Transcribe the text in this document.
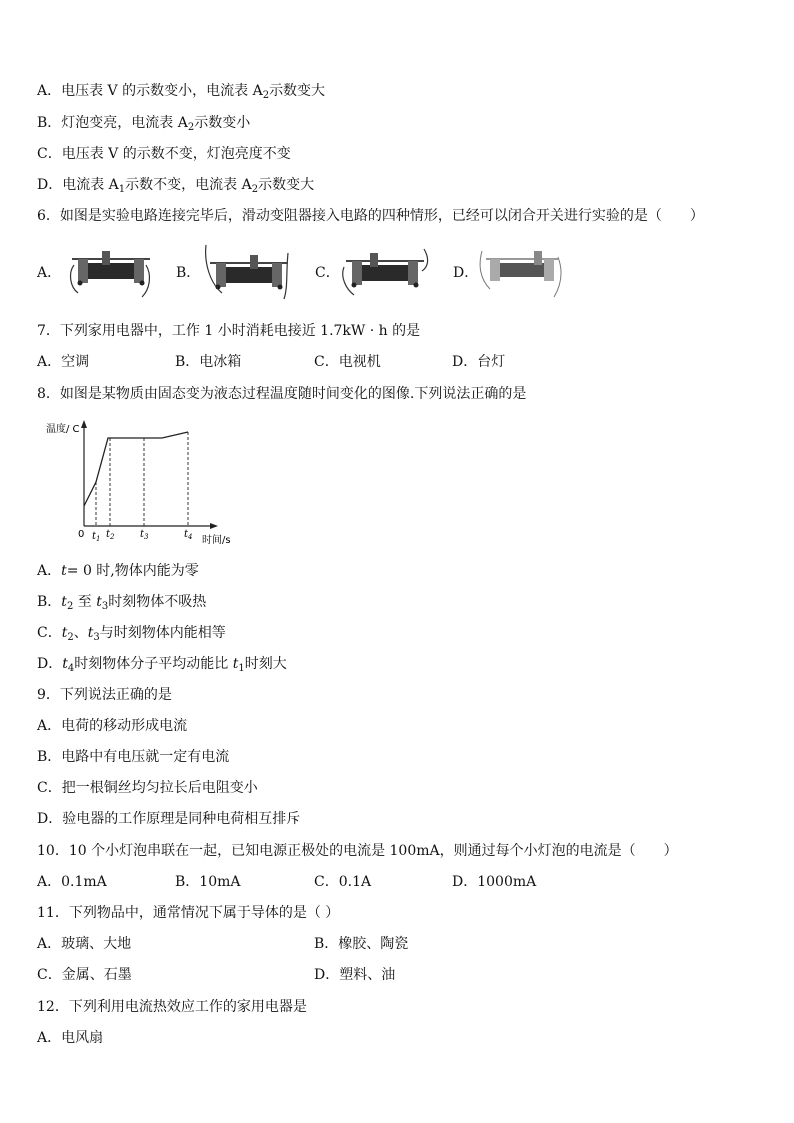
A．电压表 V 的示数变小，电流表 $A_2$示数变大
B．灯泡变亮，电流表 $A_2$示数变小
C．电压表 V 的示数不变，灯泡亮度不变
D．电流表 $A_1$示数不变，电流表 $A_2$示数变大
6．如图是实验电路连接完毕后，滑动变阻器接入电路的四种情形，已经可以闭合开关进行实验的是（　　）
A．	B．	C．	D．
7．下列家用电器中，工作 1 小时消耗电接近 1.7kW · h 的是
A．空调	B．电冰箱	C．电视机	D．台灯
8．如图是某物质由固态变为液态过程温度随时间变化的图像.下列说法正确的是
温度/ C
时间/s
0 $t_1$ $t_2$	$t_3$	$t_4$
A．t= 0 时,物体内能为零
B．$t_2$ 至 $t_3$时刻物体不吸热
C．$t_2$、$t_3$与时刻物体内能相等
D．$t_4$时刻物体分子平均动能比 $t_1$时刻大
9．下列说法正确的是
A．电荷的移动形成电流
B．电路中有电压就一定有电流
C．把一根铜丝均匀拉长后电阻变小
D．验电器的工作原理是同种电荷相互排斥
10．10 个小灯泡串联在一起，已知电源正极处的电流是 100mA，则通过每个小灯泡的电流是（　　）
A．0.1mA	B．10mA	C．0.1A	D．1000mA
11．下列物品中，通常情况下属于导体的是（ ）
A．玻璃、大地	B．橡胶、陶瓷
C．金属、石墨	D．塑料、油
12．下列利用电流热效应工作的家用电器是
A．电风扇
